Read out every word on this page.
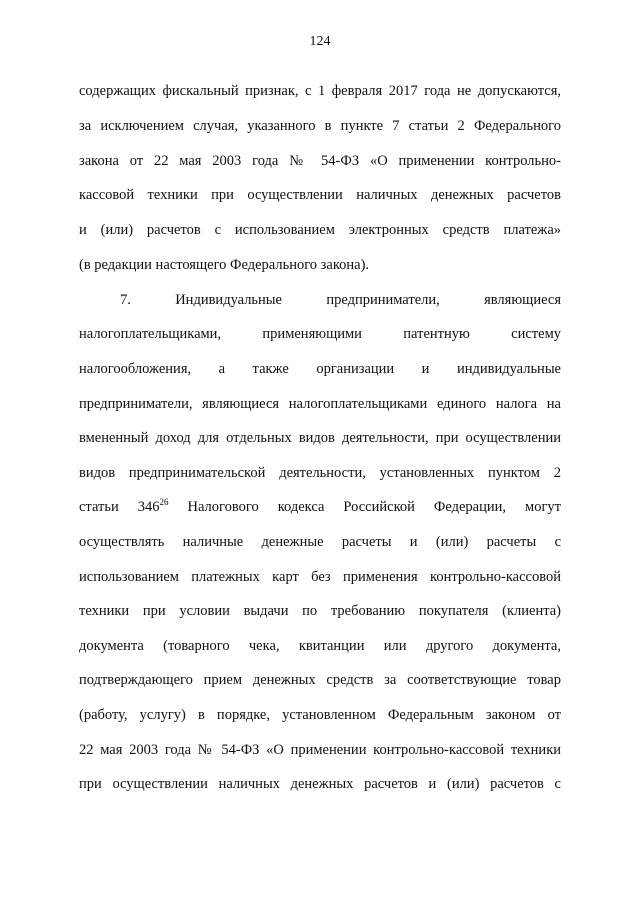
124
содержащих фискальный признак, с 1 февраля 2017 года не допускаются,
за исключением случая, указанного в пункте 7 статьи 2 Федерального
закона от 22 мая 2003 года № 54-ФЗ «О применении контрольно-
кассовой техники при осуществлении наличных денежных расчетов
и (или) расчетов с использованием электронных средств платежа»
(в редакции настоящего Федерального закона).
7. Индивидуальные предприниматели, являющиеся
налогоплательщиками, применяющими патентную систему
налогообложения, а также организации и индивидуальные
предприниматели, являющиеся налогоплательщиками единого налога на
вмененный доход для отдельных видов деятельности, при осуществлении
видов предпринимательской деятельности, установленных пунктом 2
статьи $346^{26}$ Налогового кодекса Российской Федерации, могут
осуществлять наличные денежные расчеты и (или) расчеты с
использованием платежных карт без применения контрольно-кассовой
техники при условии выдачи по требованию покупателя (клиента)
документа (товарного чека, квитанции или другого документа,
подтверждающего прием денежных средств за соответствующие товар
(работу, услугу) в порядке, установленном Федеральным законом от
22 мая 2003 года № 54-ФЗ «О применении контрольно-кассовой техники
при осуществлении наличных денежных расчетов и (или) расчетов с
